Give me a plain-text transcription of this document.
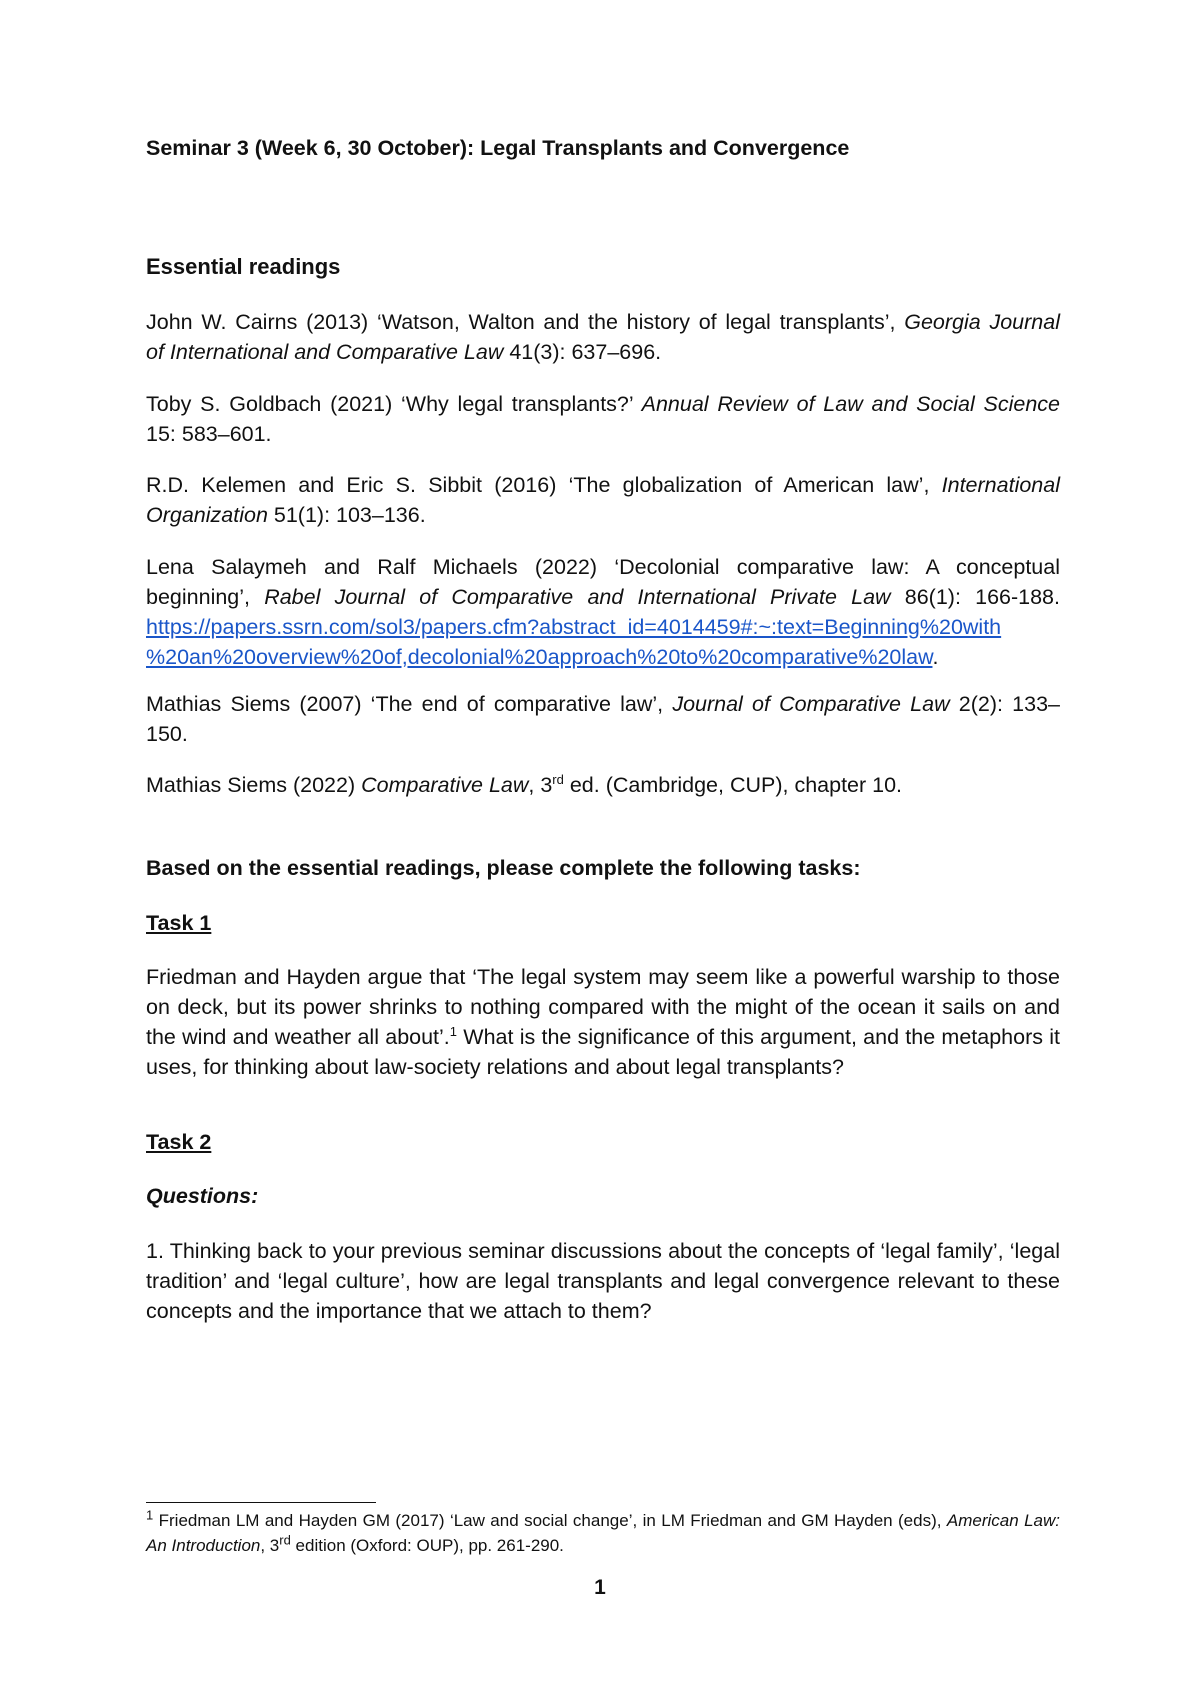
Seminar 3 (Week 6, 30 October): Legal Transplants and Convergence
Essential readings
John W. Cairns (2013) ‘Watson, Walton and the history of legal transplants’, Georgia Journal
of International and Comparative Law 41(3): 637–696.
Toby S. Goldbach (2021) ‘Why legal transplants?’ Annual Review of Law and Social Science
15: 583–601.
R.D. Kelemen and Eric S. Sibbit (2016) ‘The globalization of American law’, International
Organization 51(1): 103–136.
Lena Salaymeh and Ralf Michaels (2022) ‘Decolonial comparative law: A conceptual
beginning’, Rabel Journal of Comparative and International Private Law 86(1): 166-188.
https://papers.ssrn.com/sol3/papers.cfm?abstract_id=4014459#:~:text=Beginning%20with
%20an%20overview%20of,decolonial%20approach%20to%20comparative%20law.
Mathias Siems (2007) ‘The end of comparative law’, Journal of Comparative Law 2(2): 133–
150.
Mathias Siems (2022) Comparative Law, 3rd ed. (Cambridge, CUP), chapter 10.
Based on the essential readings, please complete the following tasks:
Task 1
Friedman and Hayden argue that ‘The legal system may seem like a powerful warship to those on deck, but its power shrinks to nothing compared with the might of the ocean it sails on and the wind and weather all about’.$^1$ What is the significance of this argument, and the metaphors it uses, for thinking about law-society relations and about legal transplants?
Task 2
Questions:
1. Thinking back to your previous seminar discussions about the concepts of ‘legal family’, ‘legal tradition’ and ‘legal culture’, how are legal transplants and legal convergence relevant to these concepts and the importance that we attach to them?
$^1$ Friedman LM and Hayden GM (2017) ‘Law and social change’, in LM Friedman and GM Hayden (eds), American Law: An Introduction, 3rd edition (Oxford: OUP), pp. 261-290.
1
